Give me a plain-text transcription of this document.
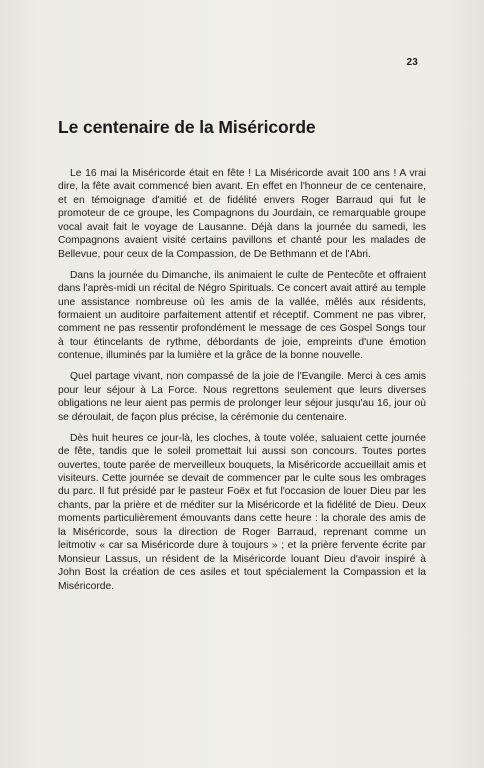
23
Le centenaire de la Miséricorde

Le 16 mai la Miséricorde était en fête ! La Miséricorde avait 100 ans ! A vrai dire, la fête avait commencé bien avant. En effet en l'honneur de ce centenaire, et en témoignage d'amitié et de fidélité envers Roger Barraud qui fut le promoteur de ce groupe, les Compagnons du Jourdain, ce remarquable groupe vocal avait fait le voyage de Lausanne. Déjà dans la journée du samedi, les Compagnons avaient visité certains pavillons et chanté pour les malades de Bellevue, pour ceux de la Compassion, de De Bethmann et de l'Abri.

Dans la journée du Dimanche, ils animaient le culte de Pentecôte et offraient dans l'après-midi un récital de Négro Spirituals. Ce concert avait attiré au temple une assistance nombreuse où les amis de la vallée, mêlés aux résidents, formaient un auditoire parfaitement attentif et réceptif. Comment ne pas vibrer, comment ne pas ressentir profondément le message de ces Gospel Songs tour à tour étincelants de rythme, débordants de joie, empreints d'une émotion contenue, illuminés par la lumière et la grâce de la bonne nouvelle.

Quel partage vivant, non compassé de la joie de l'Evangile. Merci à ces amis pour leur séjour à La Force. Nous regrettons seulement que leurs diverses obligations ne leur aient pas permis de prolonger leur séjour jusqu'au 16, jour où se déroulait, de façon plus précise, la cérémonie du centenaire.

Dès huit heures ce jour-là, les cloches, à toute volée, saluaient cette journée de fête, tandis que le soleil promettait lui aussi son concours. Toutes portes ouvertes, toute parée de merveilleux bouquets, la Miséricorde accueillait amis et visiteurs. Cette journée se devait de commencer par le culte sous les ombrages du parc. Il fut présidé par le pasteur Foëx et fut l'occasion de louer Dieu par les chants, par la prière et de méditer sur la Miséricorde et la fidélité de Dieu. Deux moments particulièrement émouvants dans cette heure : la chorale des amis de la Miséricorde, sous la direction de Roger Barraud, reprenant comme un leitmotiv « car sa Miséricorde dure à toujours » ; et la prière fervente écrite par Monsieur Lassus, un résident de la Miséricorde louant Dieu d'avoir inspiré à John Bost la création de ces asiles et tout spécialement la Compassion et la Miséricorde.
